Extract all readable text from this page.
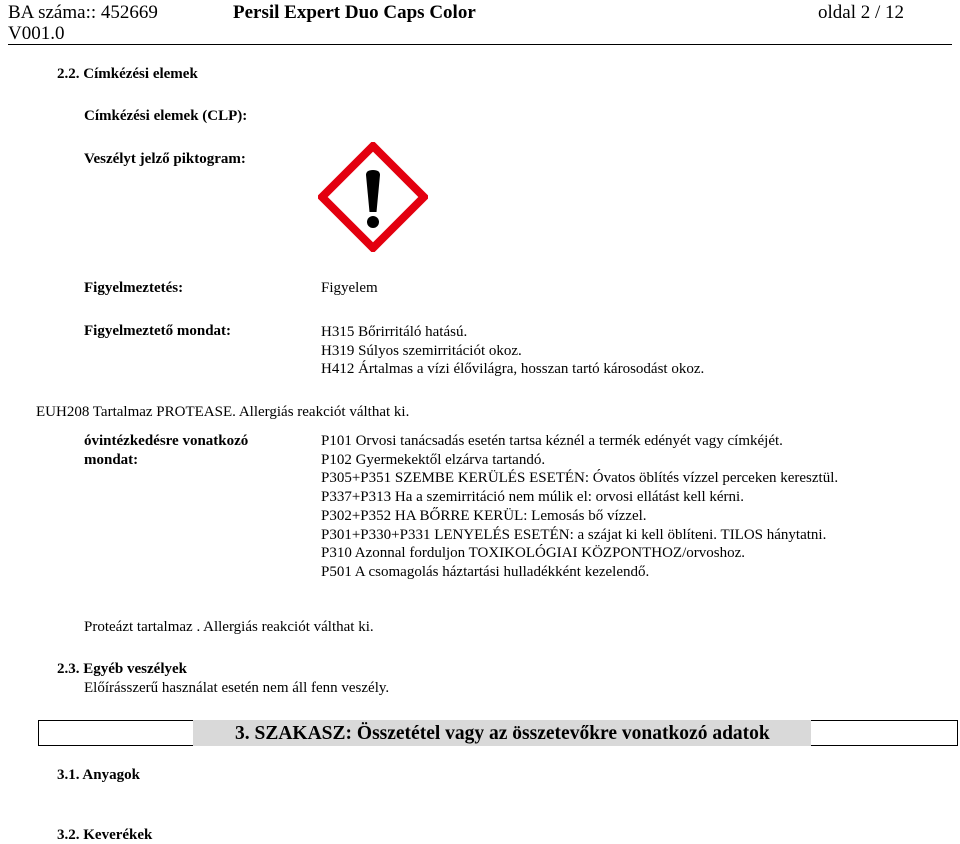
BA száma:: 452669
V001.0
Persil Expert Duo Caps Color	oldal 2 / 12
2.2. Címkézési elemek
Címkézési elemek (CLP):
Veszélyt jelző piktogram:
Figyelmeztetés:	Figyelem
Figyelmeztető mondat:	H315 Bőrirritáló hatású.
H319 Súlyos szemirritációt okoz.
H412 Ártalmas a vízi élővilágra, hosszan tartó károsodást okoz.
EUH208 Tartalmaz PROTEASE. Allergiás reakciót válthat ki.
óvintézkedésre vonatkozó
mondat:
P101 Orvosi tanácsadás esetén tartsa kéznél a termék edényét vagy címkéjét.
P102 Gyermekektől elzárva tartandó.
P305+P351 SZEMBE KERÜLÉS ESETÉN: Óvatos öblítés vízzel perceken keresztül.
P337+P313 Ha a szemirritáció nem múlik el: orvosi ellátást kell kérni.
P302+P352 HA BŐRRE KERÜL: Lemosás bő vízzel.
P301+P330+P331 LENYELÉS ESETÉN: a szájat ki kell öblíteni. TILOS hánytatni.
P310 Azonnal forduljon TOXIKOLÓGIAI KÖZPONTHOZ/orvoshoz.
P501 A csomagolás háztartási hulladékként kezelendő.
Proteázt tartalmaz . Allergiás reakciót válthat ki.
2.3. Egyéb veszélyek
Előírásszerű használat esetén nem áll fenn veszély.
3. SZAKASZ: Összetétel vagy az összetevőkre vonatkozó adatok
3.1. Anyagok
3.2. Keverékek
